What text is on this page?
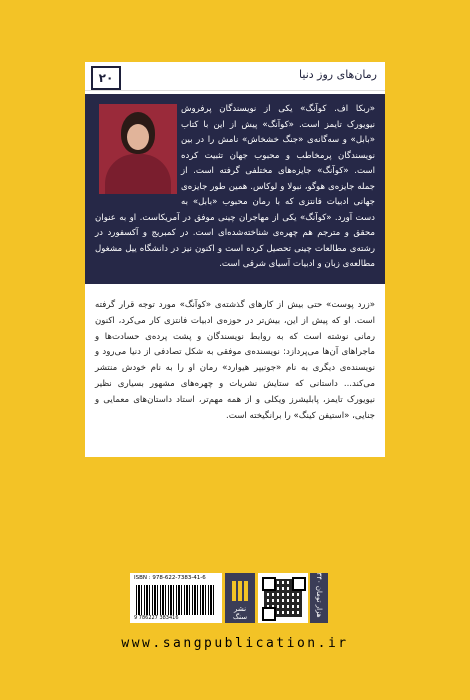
۲۰	رمان‌های روز دنیا
«ربکا اف. کوآنگ» یکی از نویسندگان پرفروش نیویورک تایمز است. «کوآنگ» پیش از این با کتاب «بابل» و سه‌گانه‌ی «جنگ خشخاش» نامش را در بین نویسندگان پرمخاطب و محبوب جهان تثبیت کرده است. «کوآنگ» جایزه‌های مختلفی گرفته است. از جمله جایزه‌ی هوگو، نبولا و لوکاس. همین طور جایزه‌ی جهانی ادبیات فانتزی که با رمان محبوب «بابل» به دست آورد. «کوآنگ» یکی از مهاجران چینی موفق در آمریکاست. او به عنوان محقق و مترجم هم چهره‌ی شناخته‌شده‌ای است. در کمبریج و آکسفورد در رشته‌ی مطالعات چینی تحصیل کرده است و اکنون نیز در دانشگاه ییل مشغول مطالعه‌ی زبان و ادبیات آسیای شرقی است.
«زرد پوست» حتی بیش از کارهای گذشته‌ی «کوآنگ» مورد توجه قرار گرفته است. او که پیش از این، بیش‌تر در حوزه‌ی ادبیات فانتزی کار می‌کرد، اکنون رمانی نوشته است که به روابط نویسندگان و پشت پرده‌ی حسادت‌ها و ماجراهای آن‌ها می‌پردازد: نویسنده‌ی موفقی به شکل تصادفی از دنیا می‌رود و نویسنده‌ی دیگری به نام «جونیپر هیوارد» رمان او را به نام خودش منتشر می‌کند... داستانی که ستایش نشریات و چهره‌های مشهور بسیاری نظیر نیویورک تایمز، پابلیشرز ویکلی و از همه مهم‌تر، استاد داستان‌های معمایی و جنایی، «استیفن کینگ» را برانگیخته است.
ISBN : 978-622-7383-41-6
9 786227 383416
نشر سنگ
۳۴۰ هزار تومان
www.sangpublication.ir
